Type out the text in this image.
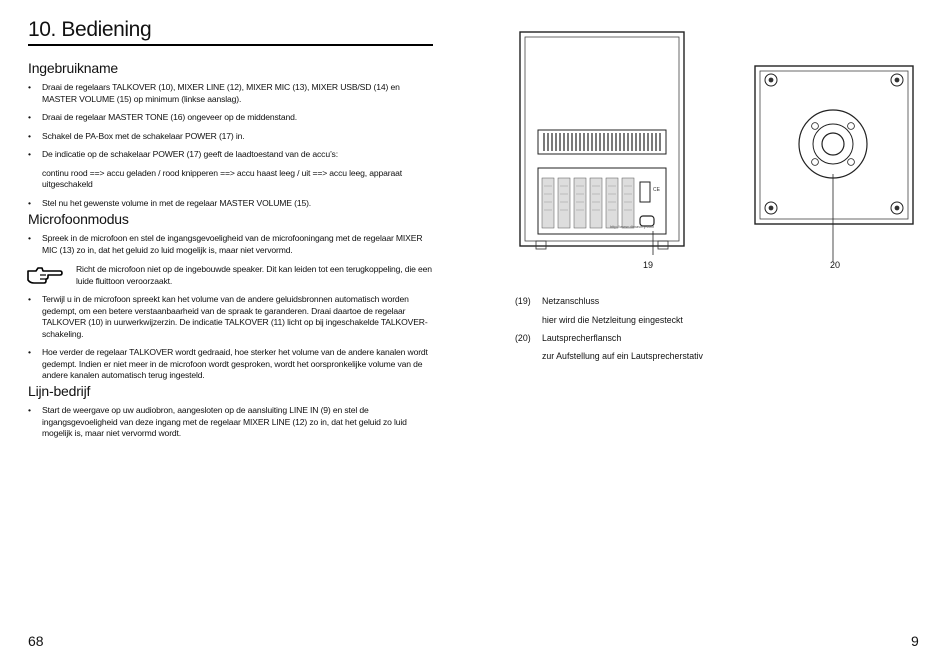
10. Bediening
Ingebruikname
• Draai de regelaars TALKOVER (10), MIXER LINE (12), MIXER MIC (13), MIXER USB/SD (14) en MASTER VOLUME (15) op minimum (linkse aanslag).
• Draai de regelaar MASTER TONE (16) ongeveer op de middenstand.
• Schakel de PA-Box met de schakelaar POWER (17) in.
• De indicatie op de schakelaar POWER (17) geeft de laadtoestand van de accu’s:
continu rood ==> accu geladen / rood knipperen ==> accu haast leeg / uit ==> accu leeg, apparaat uitgeschakeld
• Stel nu het gewenste volume in met de regelaar MASTER VOLUME (15).
Microfoonmodus
• Spreek in de microfoon en stel de ingangsgevoeligheid van de microfooningang met de regelaar MIXER MIC (13) zo in, dat het geluid zo luid mogelijk is, maar niet vervormd.
Richt de microfoon niet op de ingebouwde speaker. Dit kan leiden tot een terugkoppeling, die een luide fluittoon veroorzaakt.
• Terwijl u in de microfoon spreekt kan het volume van de andere geluidsbronnen automatisch worden gedempt, om een betere verstaanbaarheid van de spraak te garanderen. Draai daartoe de regelaar TALKOVER (10) in uurwerkwijzerzin. De indicatie TALKOVER (11) licht op bij ingeschakelde TALKOVER-schakeling.
• Hoe verder de regelaar TALKOVER wordt gedraaid, hoe sterker het volume van de andere kanalen wordt gedempt. Indien er niet meer in de microfoon wordt gesproken, wordt het oorspronkelijke volume van de andere kanalen automatisch terug ingesteld.
Lijn-bedrijf
• Start de weergave op uw audiobron, aangesloten op de aansluiting LINE IN (9) en stel de ingangsgevoeligheid van deze ingang met de regelaar MIXER LINE (12) zo in, dat het geluid zo luid mogelijk is, maar niet vervormd wordt.
68
http://www.dimavery.com
CE
19	20
(19) Netzanschluss
hier wird die Netzleitung eingesteckt
(20) Lautsprecherflansch
zur Aufstellung auf ein Lautsprecherstativ
9
